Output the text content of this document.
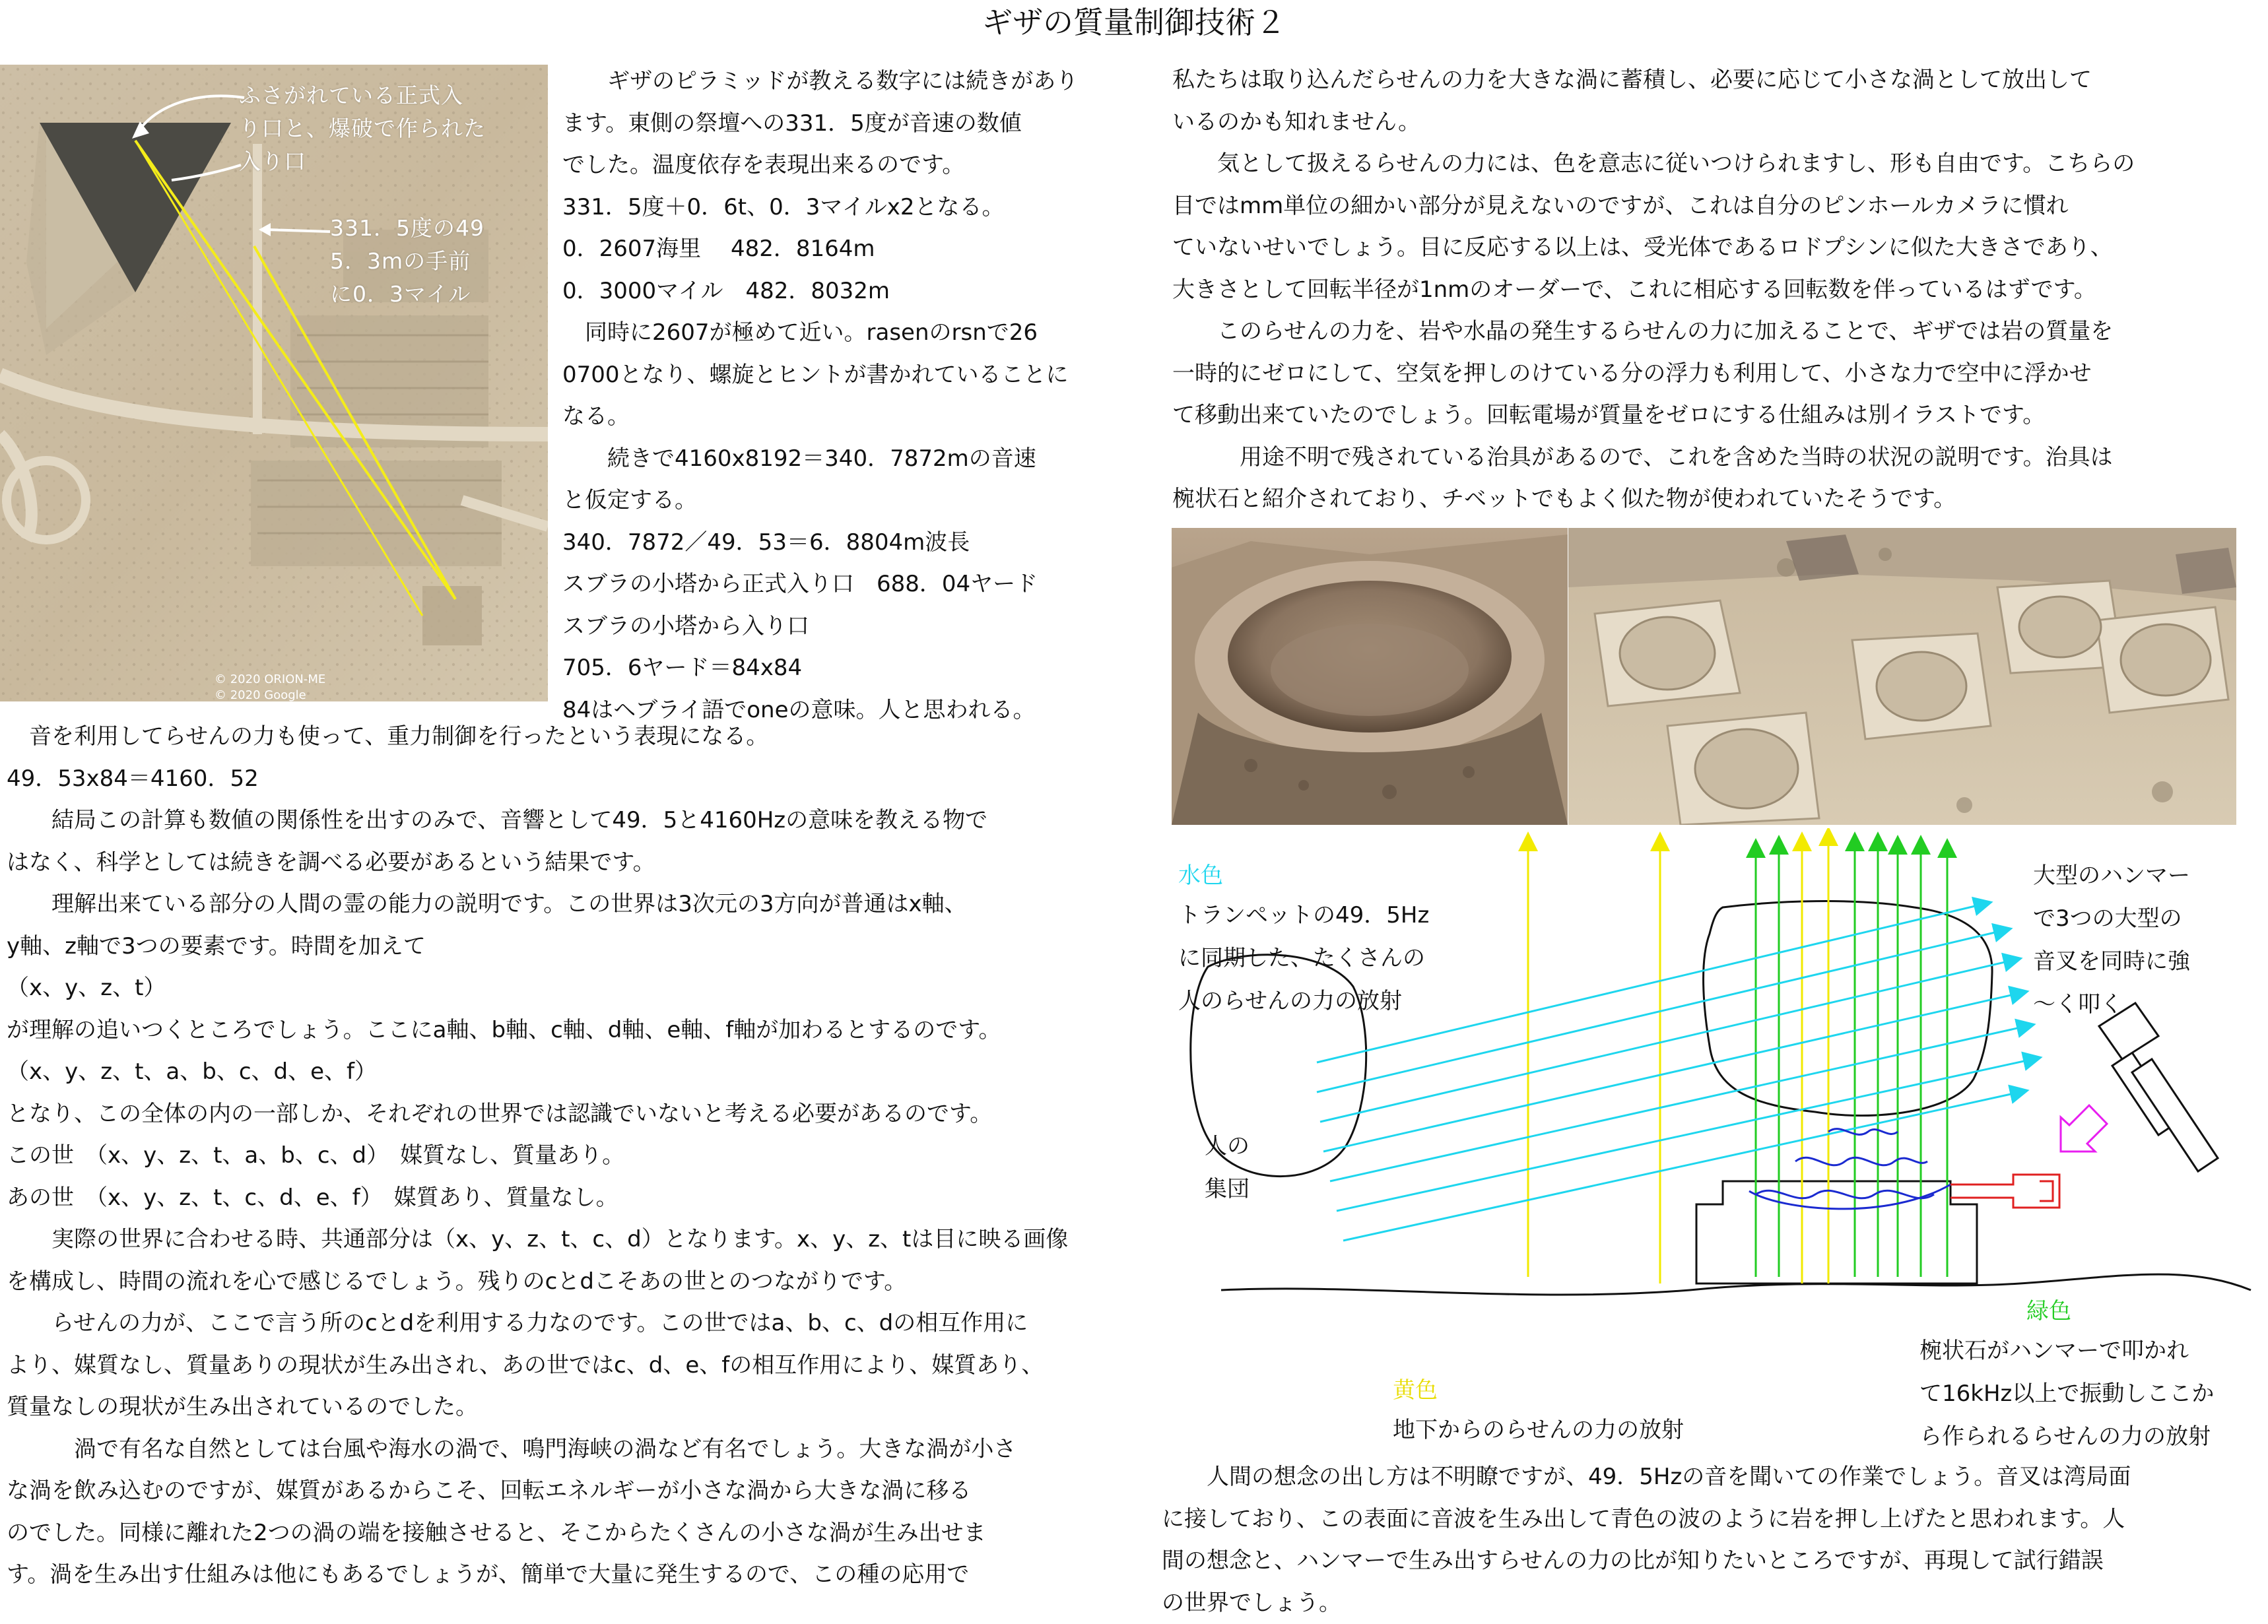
ギザの質量制御技術２
ふさがれている正式入
り口と、爆破で作られた
入り口
331．5度の49
5．3mの手前
に0．3マイル
© 2020 ORION-ME
© 2020 Google

　　ギザのピラミッドが教える数字には続きがあり

ます。東側の祭壇への331．5度が音速の数値

でした。温度依存を表現出来るのです。

331．5度＋0．6t、0．3マイルx2となる。

0．2607海里　 482．8164m

0．3000マイル　482．8032m

　同時に2607が極めて近い。rasenのrsnで26

0700となり、螺旋とヒントが書かれていることに

なる。

　　続きで4160x8192＝340．7872mの音速

と仮定する。

340．7872／49．53＝6．8804m波長

スブラの小塔から正式入り口　688．04ヤード

スブラの小塔から入り口

705．6ヤード＝84x84

84はヘブライ語でoneの意味。人と思われる。

　音を利用してらせんの力も使って、重力制御を行ったという表現になる。

49．53x84＝4160．52

　　結局この計算も数値の関係性を出すのみで、音響として49．5と4160Hzの意味を教える物で

はなく、科学としては続きを調べる必要があるという結果です。

　　理解出来ている部分の人間の霊の能力の説明です。この世界は3次元の3方向が普通はx軸、

y軸、z軸で3つの要素です。時間を加えて

（x、y、z、t）

が理解の追いつくところでしょう。ここにa軸、b軸、c軸、d軸、e軸、f軸が加わるとするのです。

（x、y、z、t、a、b、c、d、e、f）

となり、この全体の内の一部しか、それぞれの世界では認識でいないと考える必要があるのです。

この世　（x、y、z、t、a、b、c、d）　媒質なし、質量あり。

あの世　（x、y、z、t、c、d、e、f）　媒質あり、質量なし。

　　実際の世界に合わせる時、共通部分は（x、y、z、t、c、d）となります。x、y、z、tは目に映る画像

を構成し、時間の流れを心で感じるでしょう。残りのcとdこそあの世とのつながりです。

　　らせんの力が、ここで言う所のcとdを利用する力なのです。この世ではa、b、c、dの相互作用に

より、媒質なし、質量ありの現状が生み出され、あの世ではc、d、e、fの相互作用により、媒質あり、

質量なしの現状が生み出されているのでした。

　　　渦で有名な自然としては台風や海水の渦で、鳴門海峡の渦など有名でしょう。大きな渦が小さ

な渦を飲み込むのですが、媒質があるからこそ、回転エネルギーが小さな渦から大きな渦に移る

のでした。同様に離れた2つの渦の端を接触させると、そこからたくさんの小さな渦が生み出せま

す。渦を生み出す仕組みは他にもあるでしょうが、簡単で大量に発生するので、この種の応用で

私たちは取り込んだらせんの力を大きな渦に蓄積し、必要に応じて小さな渦として放出して

いるのかも知れません。

　　気として扱えるらせんの力には、色を意志に従いつけられますし、形も自由です。こちらの

目ではmm単位の細かい部分が見えないのですが、これは自分のピンホールカメラに慣れ

ていないせいでしょう。目に反応する以上は、受光体であるロドプシンに似た大きさであり、

大きさとして回転半径が1nmのオーダーで、これに相応する回転数を伴っているはずです。

　　このらせんの力を、岩や水晶の発生するらせんの力に加えることで、ギザでは岩の質量を

一時的にゼロにして、空気を押しのけている分の浮力も利用して、小さな力で空中に浮かせ

て移動出来ていたのでしょう。回転電場が質量をゼロにする仕組みは別イラストです。

　　　用途不明で残されている治具があるので、これを含めた当時の状況の説明です。治具は

椀状石と紹介されており、チベットでもよく似た物が使われていたそうです。

水色

トランペットの49．5Hz

に同期した、たくさんの

人のらせんの力の放射

大型のハンマー

で3つの大型の

音叉を同時に強

〜く叩く

人の

集団

緑色

椀状石がハンマーで叩かれ

て16kHz以上で振動しここか

ら作られるらせんの力の放射

黄色
地下からのらせんの力の放射

　　人間の想念の出し方は不明瞭ですが、49．5Hzの音を聞いての作業でしょう。音叉は湾局面

に接しており、この表面に音波を生み出して青色の波のように岩を押し上げたと思われます。人

間の想念と、ハンマーで生み出すらせんの力の比が知りたいところですが、再現して試行錯誤

の世界でしょう。
